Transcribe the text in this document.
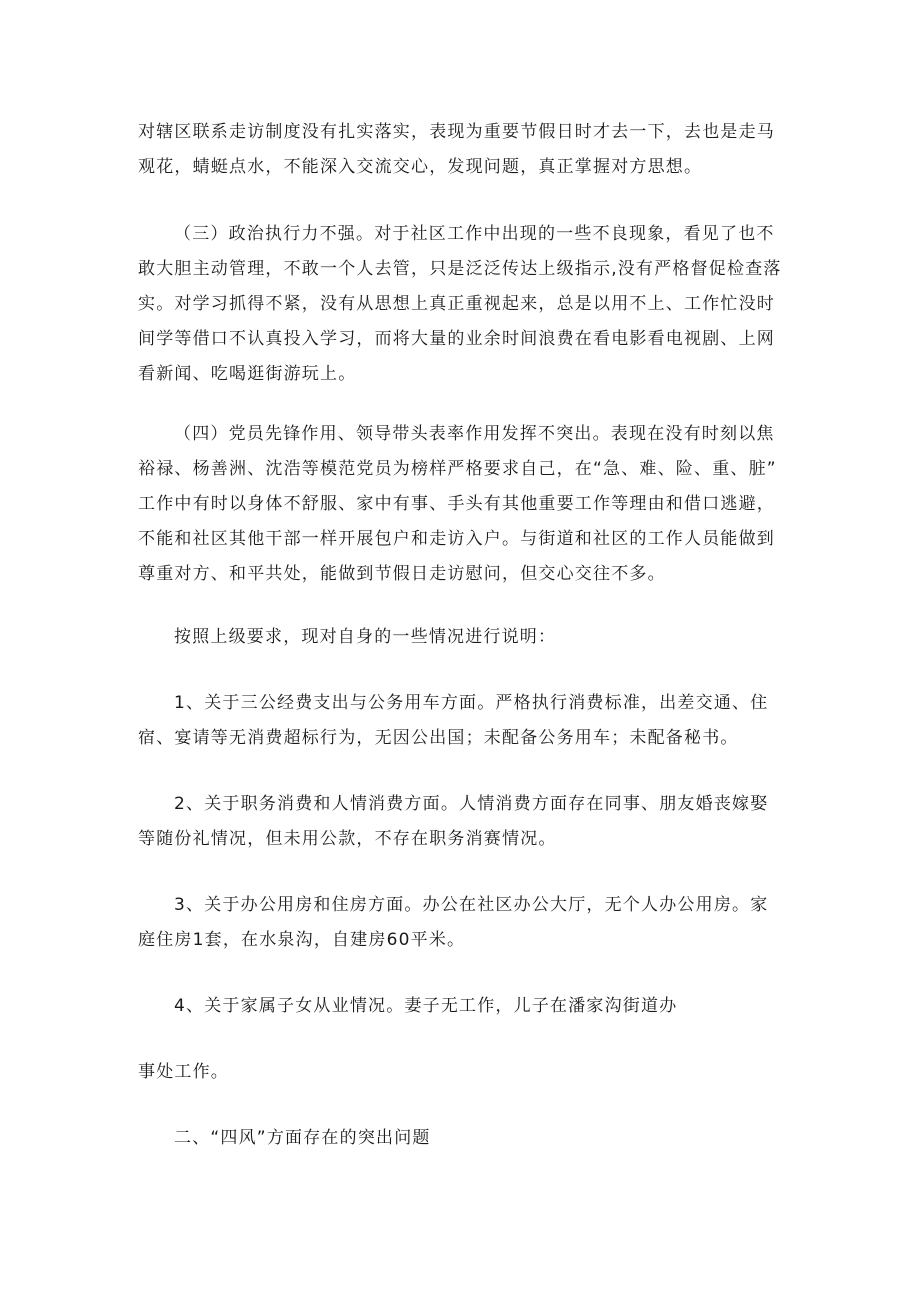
对辖区联系走访制度没有扎实落实，表现为重要节假日时才去一下，去也是走马
观花，蜻蜓点水，不能深入交流交心，发现问题，真正掌握对方思想。
（三）政治执行力不强。对于社区工作中出现的一些不良现象，看见了也不
敢大胆主动管理，不敢一个人去管，只是泛泛传达上级指示,没有严格督促检查落
实。对学习抓得不紧，没有从思想上真正重视起来，总是以用不上、工作忙没时
间学等借口不认真投入学习，而将大量的业余时间浪费在看电影看电视剧、上网
看新闻、吃喝逛街游玩上。
（四）党员先锋作用、领导带头表率作用发挥不突出。表现在没有时刻以焦
裕禄、杨善洲、沈浩等模范党员为榜样严格要求自己，在“急、难、险、重、脏”
工作中有时以身体不舒服、家中有事、手头有其他重要工作等理由和借口逃避，
不能和社区其他干部一样开展包户和走访入户。与街道和社区的工作人员能做到
尊重对方、和平共处，能做到节假日走访慰问，但交心交往不多。
按照上级要求，现对自身的一些情况进行说明：
1、关于三公经费支出与公务用车方面。严格执行消费标准，出差交通、住
宿、宴请等无消费超标行为，无因公出国；未配备公务用车；未配备秘书。
2、关于职务消费和人情消费方面。人情消费方面存在同事、朋友婚丧嫁娶
等随份礼情况，但未用公款，不存在职务消赛情况。
3、关于办公用房和住房方面。办公在社区办公大厅，无个人办公用房。家
庭住房1套，在水泉沟，自建房60平米。
4、关于家属子女从业情况。妻子无工作，儿子在潘家沟街道办
事处工作。
二、“四风”方面存在的突出问题
